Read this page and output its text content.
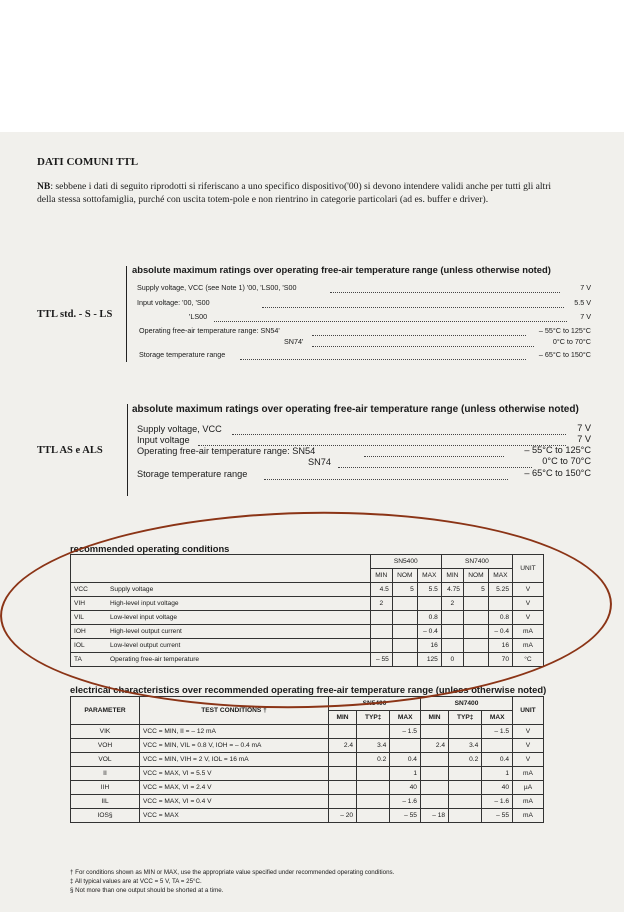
DATI COMUNI TTL
NB: sebbene i dati di seguito riprodotti si riferiscano a uno specifico dispositivo('00) si devono intendere validi anche per tutti gli altri della stessa sottofamiglia, purché con uscita totem-pole e non rientrino in categorie particolari (ad es. buffer e driver).
TTL std. - S - LS
absolute maximum ratings over operating free-air temperature range (unless otherwise noted)
Supply voltage, VCC (see Note 1) '00, 'LS00, 'S00	7 V
Input voltage: '00, 'S00	5.5 V
'LS00	7 V
Operating free-air temperature range: SN54'	– 55°C to 125°C
SN74'	0°C to 70°C
Storage temperature range	– 65°C to 150°C
TTL AS e ALS
absolute maximum ratings over operating free-air temperature range (unless otherwise noted)
Supply voltage, VCC	7 V
Input voltage	7 V
Operating free-air temperature range: SN54	– 55°C to 125°C
SN74	0°C to 70°C
Storage temperature range	– 65°C to 150°C
recommended operating conditions
		SN5400			SN7400			UNIT
		MIN	NOM	MAX	MIN	NOM	MAX	
VCC	Supply voltage	4.5	5	5.5	4.75	5	5.25	V
VIH	High-level input voltage	2			2			V
VIL	Low-level input voltage			0.8			0.8	V
IOH	High-level output current			– 0.4			– 0.4	mA
IOL	Low-level output current			16			16	mA
TA	Operating free-air temperature	– 55		125	0		70	°C
electrical characteristics over recommended operating free-air temperature range (unless otherwise noted)
PARAMETER	TEST CONDITIONS †	SN5400			SN7400			UNIT
		MIN	TYP‡	MAX	MIN	TYP‡	MAX	
VIK	VCC = MIN, II = – 12 mA			– 1.5			– 1.5	V
VOH	VCC = MIN, VIL = 0.8 V, IOH = – 0.4 mA	2.4	3.4		2.4	3.4		V
VOL	VCC = MIN, VIH = 2 V, IOL = 16 mA		0.2	0.4		0.2	0.4	V
II	VCC = MAX, VI = 5.5 V			1			1	mA
IIH	VCC = MAX, VI = 2.4 V			40			40	µA
IIL	VCC = MAX, VI = 0.4 V			– 1.6			– 1.6	mA
IOS§	VCC = MAX	– 20		– 55	– 18		– 55	mA
† For conditions shown as MIN or MAX, use the appropriate value specified under recommended operating conditions.
‡ All typical values are at VCC = 5 V, TA = 25°C.
§ Not more than one output should be shorted at a time.
